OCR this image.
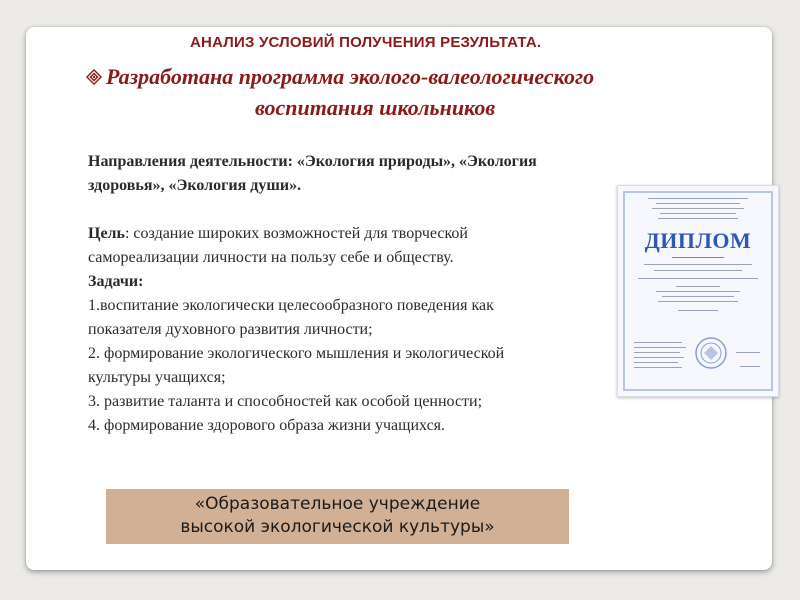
АНАЛИЗ УСЛОВИЙ ПОЛУЧЕНИЯ РЕЗУЛЬТАТА.
Разработана программа эколого-валеологического
воспитания школьников
Направления деятельности: «Экология природы», «Экология
здоровья», «Экология души».
Цель: создание широких возможностей для творческой
самореализации личности на пользу себе и обществу.
Задачи:
1.воспитание экологически целесообразного поведения как
показателя духовного развития личности;
2. формирование экологического мышления и экологической
культуры учащихся;
3. развитие таланта и способностей как особой ценности;
4. формирование здорового образа жизни учащихся.
ДИПЛОМ
«Образовательное учреждение
высокой экологической культуры»
